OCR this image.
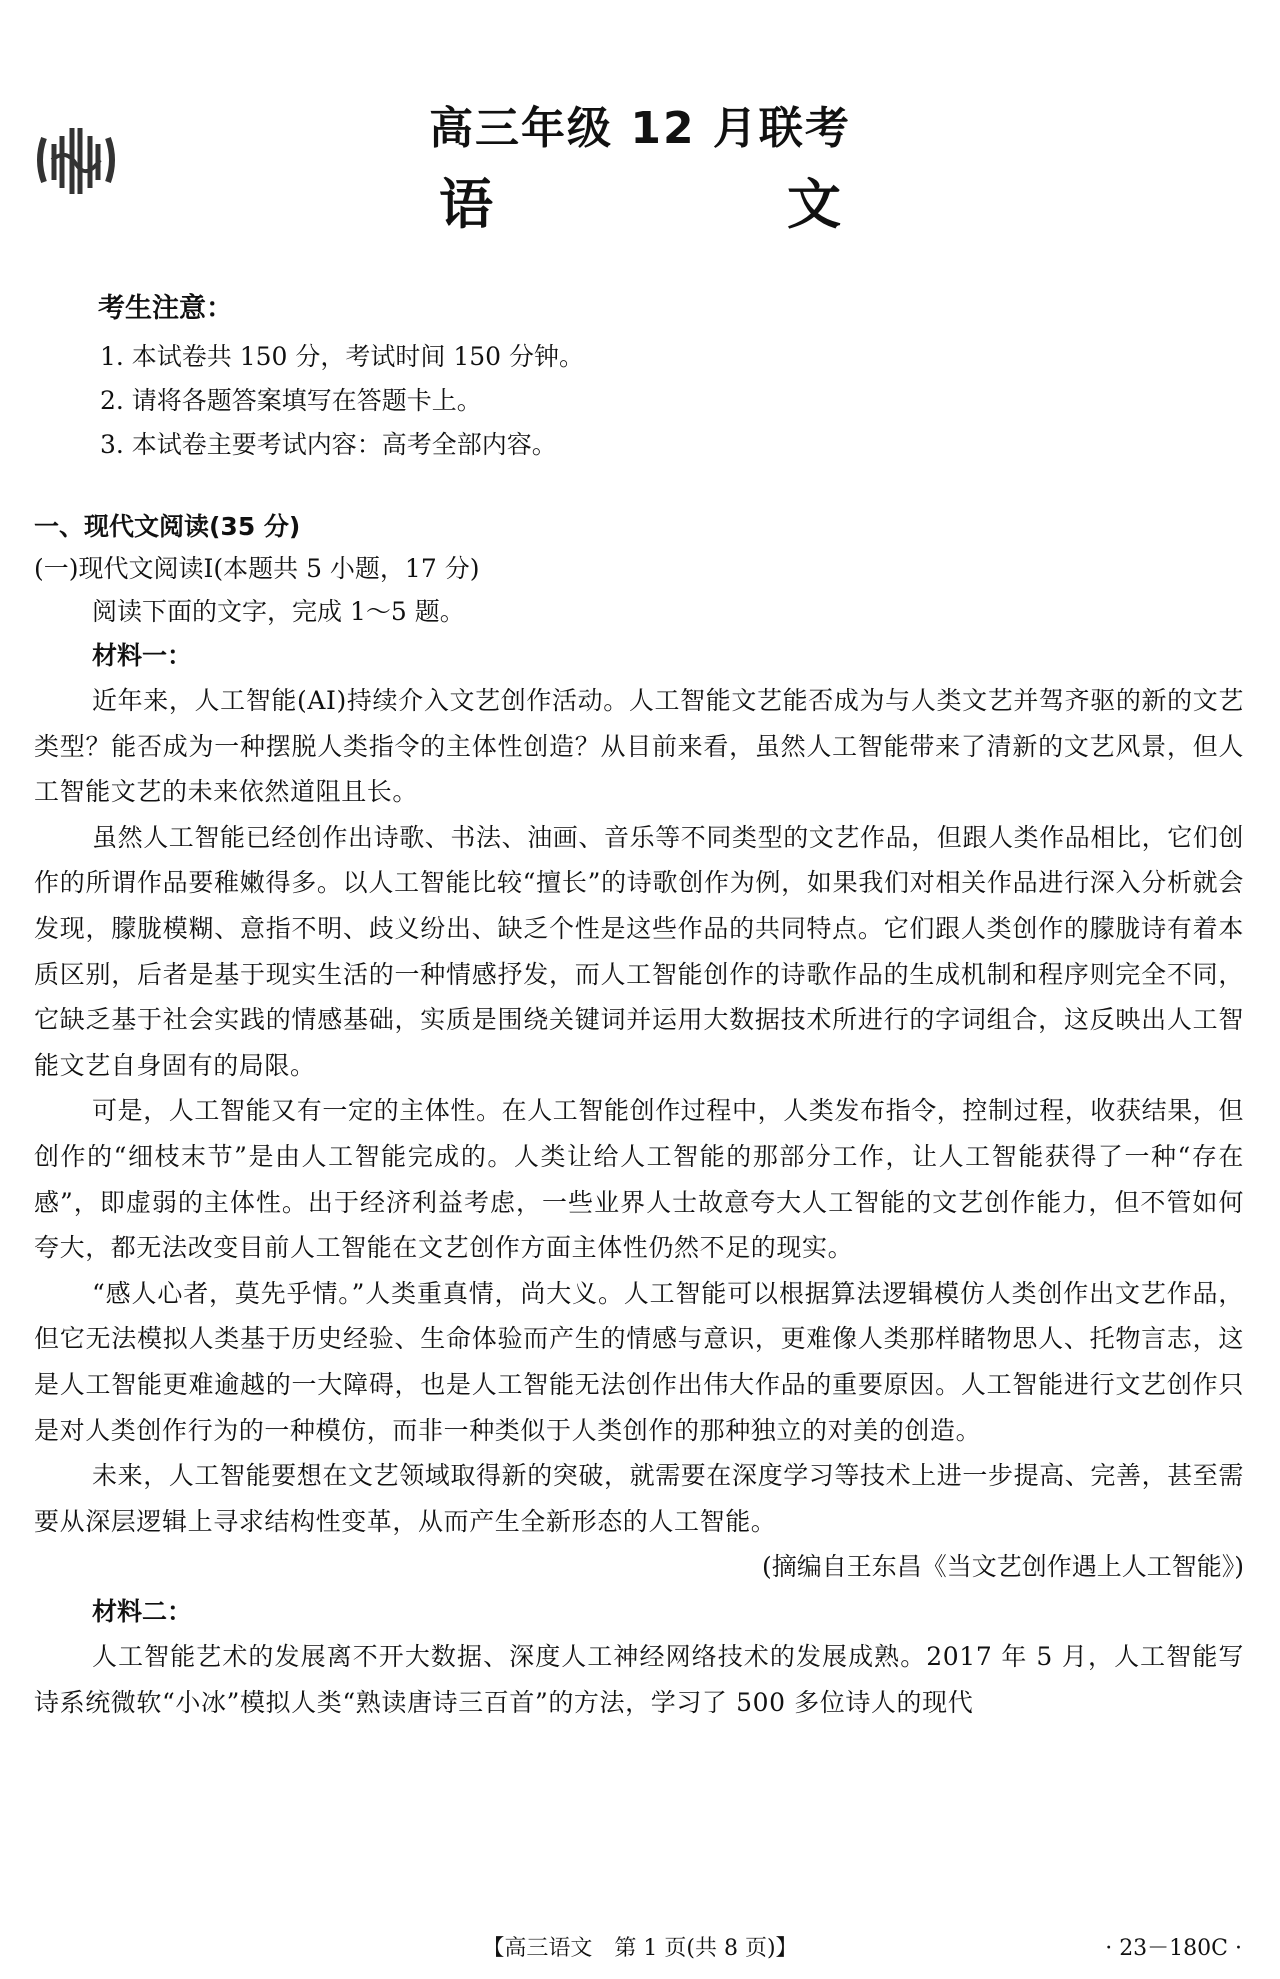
高三年级 12 月联考
语　文
考生注意：

1. 本试卷共 150 分，考试时间 150 分钟。

2. 请将各题答案填写在答题卡上。

3. 本试卷主要考试内容：高考全部内容。

一、现代文阅读(35 分)

(一)现代文阅读Ⅰ(本题共 5 小题，17 分)

阅读下面的文字，完成 1～5 题。

材料一：

近年来，人工智能(AI)持续介入文艺创作活动。人工智能文艺能否成为与人类文艺并驾齐驱的新的文艺类型？能否成为一种摆脱人类指令的主体性创造？从目前来看，虽然人工智能带来了清新的文艺风景，但人工智能文艺的未来依然道阻且长。

虽然人工智能已经创作出诗歌、书法、油画、音乐等不同类型的文艺作品，但跟人类作品相比，它们创作的所谓作品要稚嫩得多。以人工智能比较“擅长”的诗歌创作为例，如果我们对相关作品进行深入分析就会发现，朦胧模糊、意指不明、歧义纷出、缺乏个性是这些作品的共同特点。它们跟人类创作的朦胧诗有着本质区别，后者是基于现实生活的一种情感抒发，而人工智能创作的诗歌作品的生成机制和程序则完全不同，它缺乏基于社会实践的情感基础，实质是围绕关键词并运用大数据技术所进行的字词组合，这反映出人工智能文艺自身固有的局限。

可是，人工智能又有一定的主体性。在人工智能创作过程中，人类发布指令，控制过程，收获结果，但创作的“细枝末节”是由人工智能完成的。人类让给人工智能的那部分工作，让人工智能获得了一种“存在感”，即虚弱的主体性。出于经济利益考虑，一些业界人士故意夸大人工智能的文艺创作能力，但不管如何夸大，都无法改变目前人工智能在文艺创作方面主体性仍然不足的现实。

“感人心者，莫先乎情。”人类重真情，尚大义。人工智能可以根据算法逻辑模仿人类创作出文艺作品，但它无法模拟人类基于历史经验、生命体验而产生的情感与意识，更难像人类那样睹物思人、托物言志，这是人工智能更难逾越的一大障碍，也是人工智能无法创作出伟大作品的重要原因。人工智能进行文艺创作只是对人类创作行为的一种模仿，而非一种类似于人类创作的那种独立的对美的创造。

未来，人工智能要想在文艺领域取得新的突破，就需要在深度学习等技术上进一步提高、完善，甚至需要从深层逻辑上寻求结构性变革，从而产生全新形态的人工智能。

(摘编自王东昌《当文艺创作遇上人工智能》)

材料二：

人工智能艺术的发展离不开大数据、深度人工神经网络技术的发展成熟。2017 年 5 月，人工智能写诗系统微软“小冰”模拟人类“熟读唐诗三百首”的方法，学习了 500 多位诗人的现代

【高三语文　第 1 页(共 8 页)】	· 23－180C ·
